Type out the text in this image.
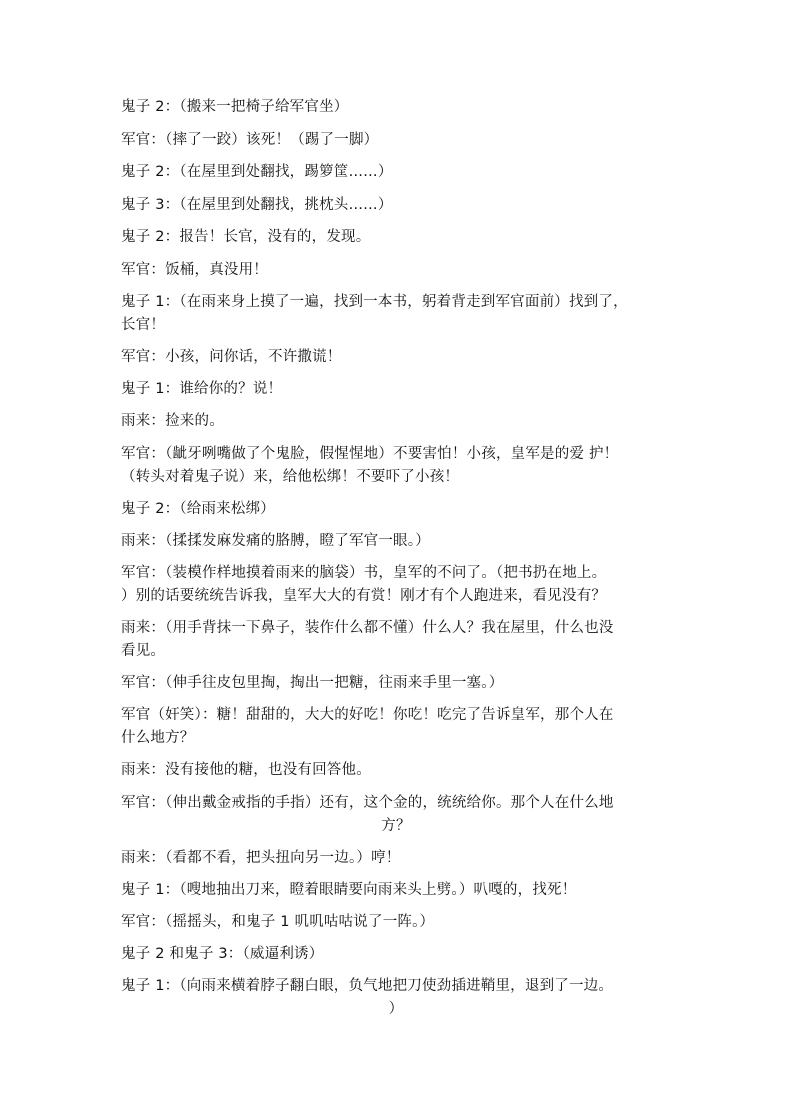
鬼子 2：（搬来一把椅子给军官坐）
军官：（摔了一跤）该死！（踢了一脚）
鬼子 2：（在屋里到处翻找，踢箩筐……）
鬼子 3：（在屋里到处翻找，挑枕头……）
鬼子 2：报告！长官，没有的，发现。
军官：饭桶，真没用！
鬼子 1：（在雨来身上摸了一遍，找到一本书，躬着背走到军官面前）找到了，
长官！
军官：小孩，问你话，不许撒谎！
鬼子 1：谁给你的？说！
雨来：捡来的。
军官：（龇牙咧嘴做了个鬼脸，假惺惺地）不要害怕！小孩，皇军是的爱 护！
（转头对着鬼子说）来，给他松绑！不要吓了小孩！
鬼子 2：（给雨来松绑）
雨来：（揉揉发麻发痛的胳膊，瞪了军官一眼。）
军官：（装模作样地摸着雨来的脑袋）书，皇军的不问了。（把书扔在地上。
）别的话要统统告诉我，皇军大大的有赏！刚才有个人跑进来，看见没有？
雨来：（用手背抹一下鼻子，装作什么都不懂）什么人？我在屋里，什么也没
看见。
军官：（伸手往皮包里掏，掏出一把糖，往雨来手里一塞。）
军官（奸笑）：糖！甜甜的，大大的好吃！你吃！吃完了告诉皇军，那个人在
什么地方？
雨来：没有接他的糖，也没有回答他。
军官：（伸出戴金戒指的手指）还有，这个金的，统统给你。那个人在什么地
方？
雨来：（看都不看，把头扭向另一边。）哼！
鬼子 1：（嗖地抽出刀来，瞪着眼睛要向雨来头上劈。）叭嘎的，找死！
军官：（摇摇头，和鬼子 1 叽叽咕咕说了一阵。）
鬼子 2 和鬼子 3：（威逼利诱）
鬼子 1：（向雨来横着脖子翻白眼，负气地把刀使劲插进鞘里，退到了一边。
）
